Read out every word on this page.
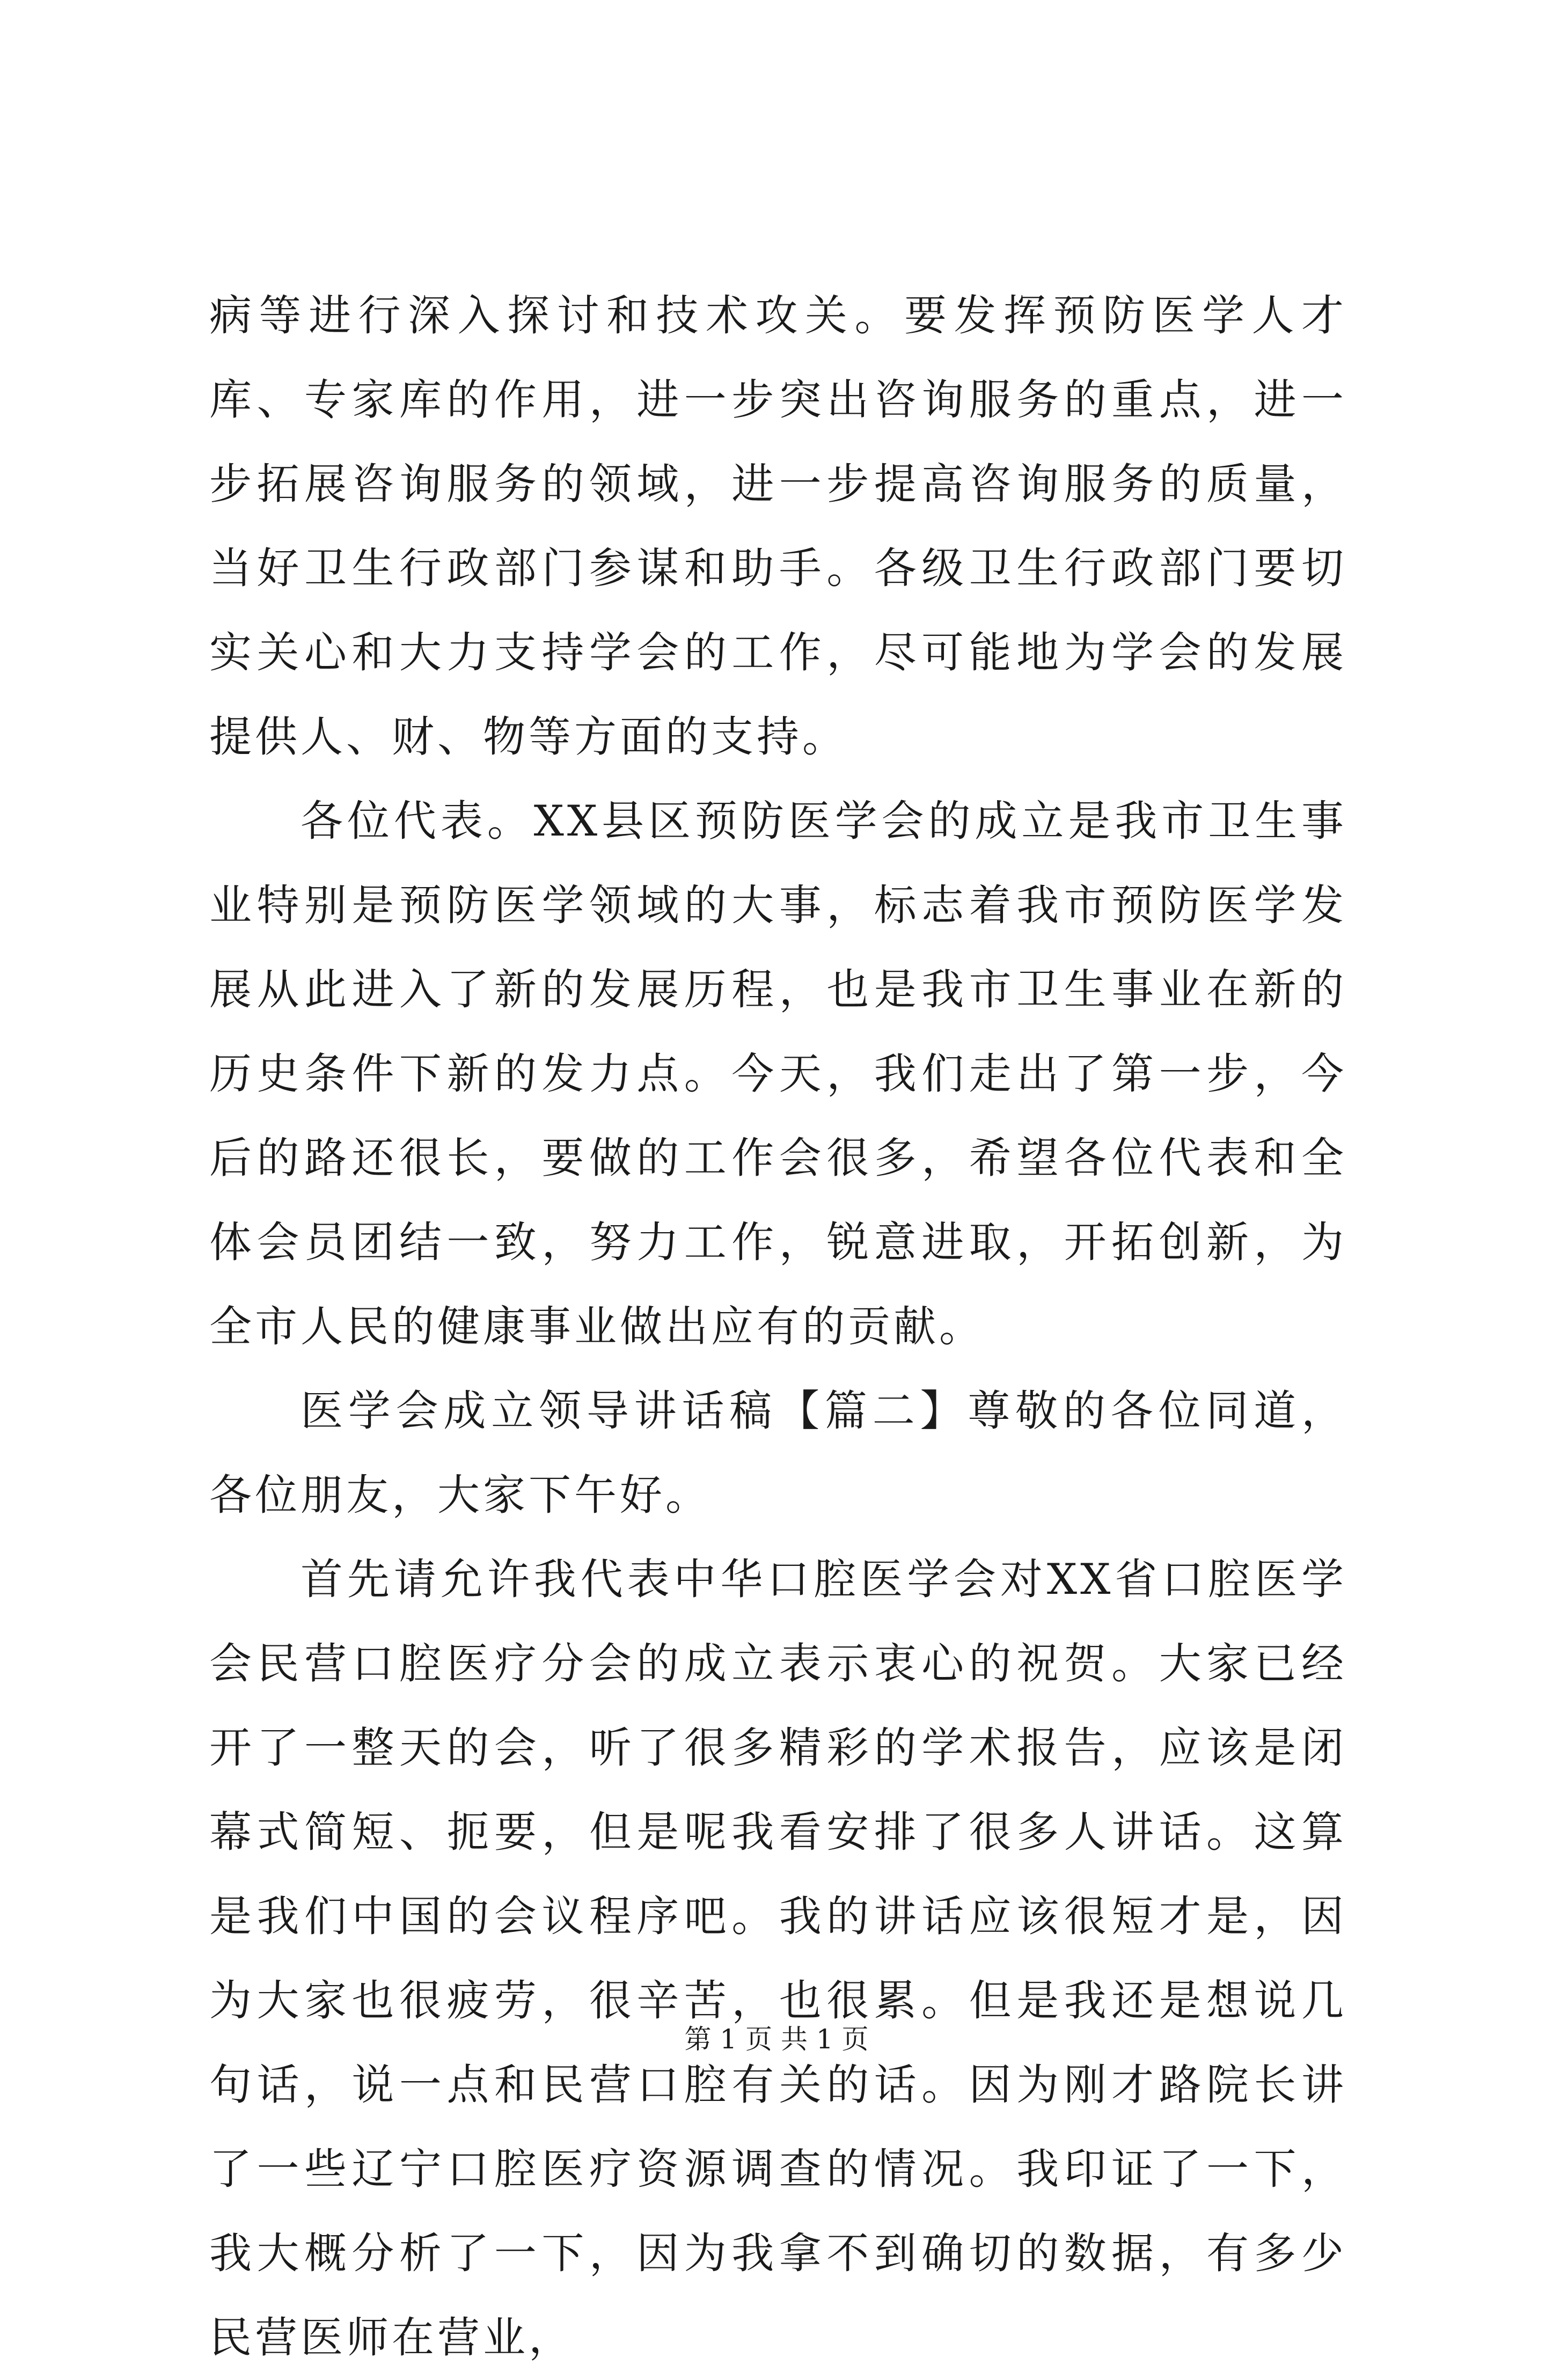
病等进行深入探讨和技术攻关。要发挥预防医学人才库、专家库的作用，进一步突出咨询服务的重点，进一步拓展咨询服务的领域，进一步提高咨询服务的质量，当好卫生行政部门参谋和助手。各级卫生行政部门要切实关心和大力支持学会的工作，尽可能地为学会的发展提供人、财、物等方面的支持。

各位代表。XX县区预防医学会的成立是我市卫生事业特别是预防医学领域的大事，标志着我市预防医学发展从此进入了新的发展历程，也是我市卫生事业在新的历史条件下新的发力点。今天，我们走出了第一步，今后的路还很长，要做的工作会很多，希望各位代表和全体会员团结一致，努力工作，锐意进取，开拓创新，为全市人民的健康事业做出应有的贡献。

医学会成立领导讲话稿【篇二】尊敬的各位同道，各位朋友，大家下午好。

首先请允许我代表中华口腔医学会对XX省口腔医学会民营口腔医疗分会的成立表示衷心的祝贺。大家已经开了一整天的会，听了很多精彩的学术报告，应该是闭幕式简短、扼要，但是呢我看安排了很多人讲话。这算是我们中国的会议程序吧。我的讲话应该很短才是，因为大家也很疲劳，很辛苦，也很累。但是我还是想说几句话，说一点和民营口腔有关的话。因为刚才路院长讲了一些辽宁口腔医疗资源调查的情况。我印证了一下，我大概分析了一下，因为我拿不到确切的数据，有多少民营医师在营业，

第 1 页 共 1 页
